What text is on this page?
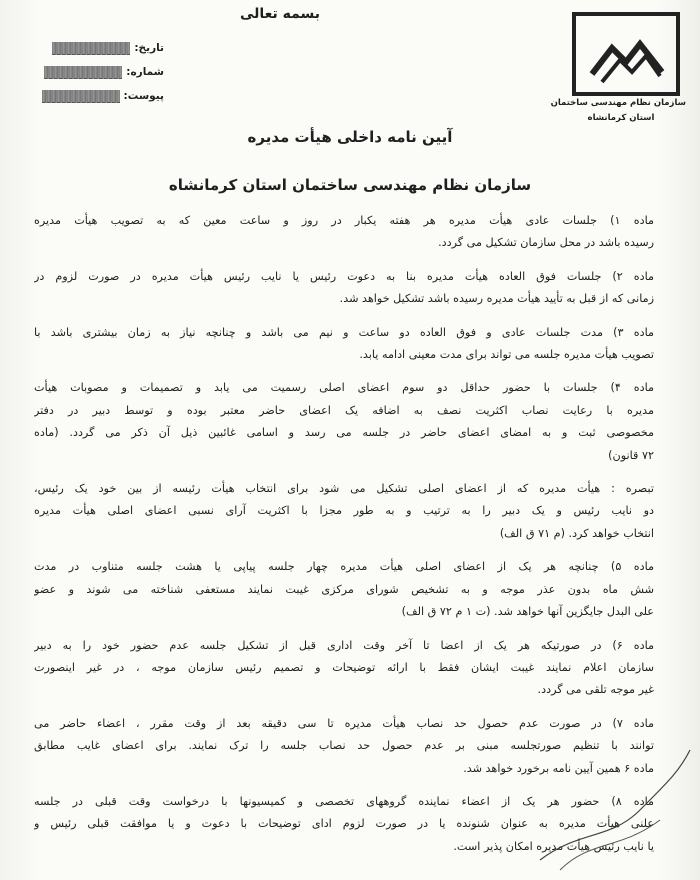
بسمه تعالی
سازمان نظام مهندسی ساختمان
استان کرمانشاه
تاریخ:
شماره:
پیوست:
آیین نامه داخلی هیأت مدیره
سازمان نظام مهندسی ساختمان استان کرمانشاه
ماده ۱) جلسات عادی هیأت مدیره هر هفته یکبار در روز و ساعت معین که به تصویب هیأت مدیره
رسیده باشد در محل سازمان تشکیل می گردد.
ماده ۲) جلسات فوق العاده هیأت مدیره بنا به دعوت رئیس یا نایب رئیس هیأت مدیره در صورت لزوم در
زمانی که از قبل به تأیید هیأت مدیره رسیده باشد تشکیل خواهد شد.
ماده ۳) مدت جلسات عادی و فوق العاده دو ساعت و نیم می باشد و چنانچه نیاز به زمان بیشتری باشد با
تصویب هیأت مدیره جلسه می تواند برای مدت معینی ادامه یابد.
ماده ۴) جلسات با حضور حداقل دو سوم اعضای اصلی رسمیت می یابد و تصمیمات و مصوبات هیأت
مدیره با رعایت نصاب اکثریت نصف به اضافه یک اعضای حاضر معتبر بوده و توسط دبیر در دفتر
مخصوصی ثبت و به امضای اعضای حاضر در جلسه می رسد و اسامی غائبین ذیل آن ذکر می گردد. (ماده
۷۲ قانون)
تبصره : هیأت مدیره که از اعضای اصلی تشکیل می شود برای انتخاب هیأت رئیسه از بین خود یک رئیس،
دو نایب رئیس و یک دبیر را به ترتیب و به طور مجزا با اکثریت آرای نسبی اعضای اصلی هیأت مدیره
انتخاب خواهد کرد. (م ۷۱ ق الف)
ماده ۵) چنانچه هر یک از اعضای اصلی هیأت مدیره چهار جلسه پیاپی یا هشت جلسه متناوب در مدت
شش ماه بدون عذر موجه و به تشخیص شورای مرکزی غیبت نمایند مستعفی شناخته می شوند و عضو
علی البدل جایگزین آنها خواهد شد. (ت ۱ م ۷۲ ق الف)
ماده ۶) در صورتیکه هر یک از اعضا تا آخر وقت اداری قبل از تشکیل جلسه عدم حضور خود را به دبیر
سازمان اعلام نمایند غیبت ایشان فقط با ارائه توضیحات و تصمیم رئیس سازمان موجه ، در غیر اینصورت
غیر موجه تلقی می گردد.
ماده ۷) در صورت عدم حصول حد نصاب هیأت مدیره تا سی دقیقه بعد از وقت مقرر ، اعضاء حاضر می
توانند با تنظیم صورتجلسه مبنی بر عدم حصول حد نصاب جلسه را ترک نمایند. برای اعضای غایب مطابق
ماده ۶ همین آیین نامه برخورد خواهد شد.
ماده ۸) حضور هر یک از اعضاء نماینده گروههای تخصصی و کمیسیونها با درخواست وقت قبلی در جلسه
علنی هیأت مدیره به عنوان شنونده یا در صورت لزوم ادای توضیحات با دعوت و یا موافقت قبلی رئیس و
یا نایب رئیس هیأت مدیره امکان پذیر است.
